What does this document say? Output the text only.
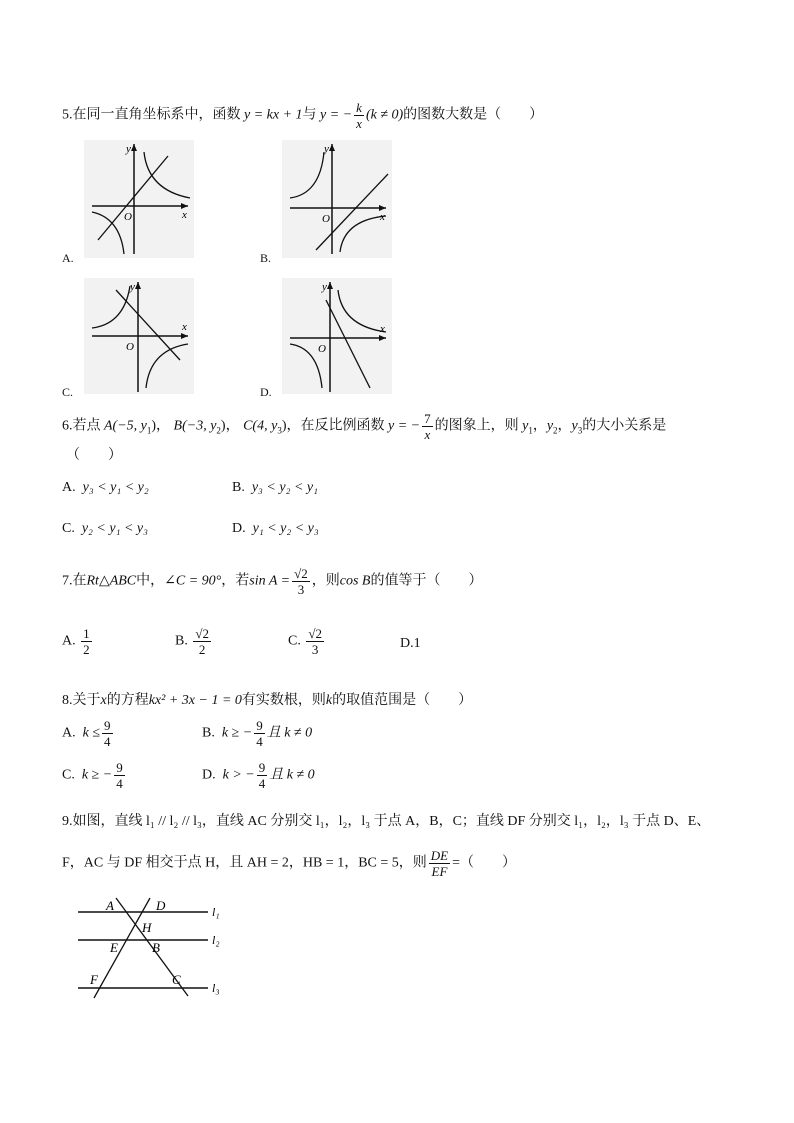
5.在同一直角坐标系中，函数 y = kx + 1与 y = − $\frac{k}{x} (k \ne 0)$的图数大数是（　　）
O	x
y
A.
O	x
y
B.
O
x
y
C.
O
x
y
D.
6.若点 A(−5, $y_1$)， B(−3, $y_2$)， C(4, $y_3$)，在反比例函数 y = − $\frac{7}{x}$ 的图象上，则 $y_1$，$y_2$，$y_3$的大小关系是
（　　）
A. y₃ < y₁ < y₂	B. y₃ < y₂ < y₁
C. y₂ < y₁ < y₃	D. y₁ < y₂ < y₃
7.在Rt△ABC中，∠C = 90°，若$\sin A = \frac{√2}{3}$ ，则cos B的值等于（　　）
A. $\frac{1}{2}$	B. $\frac{√2}{2}$	C. $\frac{√2}{3}$	D.1
8.关于x的方程kx² + 3x − 1 = 0有实数根，则k的取值范围是（　　）
A. $k \le \frac{9}{4}$	B. k ≥ − $\frac{9}{4}$ 且 k ≠ 0
C. k ≥ − $\frac{9}{4}$	D. k > − $\frac{9}{4}$ 且 k ≠ 0
9.如图，直线 l₁ // l₂ // l₃，直线 AC 分别交 l₁，l₂，l₃ 于点 A，B，C；直线 DF 分别交 l₁，l₂，l₃ 于点 D、E、
F，AC 与 DF 相交于点 H，且 AH = 2，HB = 1，BC = 5，则 $\frac{DE}{EF}$ =（　　）
A	D
H
E	B
F	C
l₁
l₂
l₃
